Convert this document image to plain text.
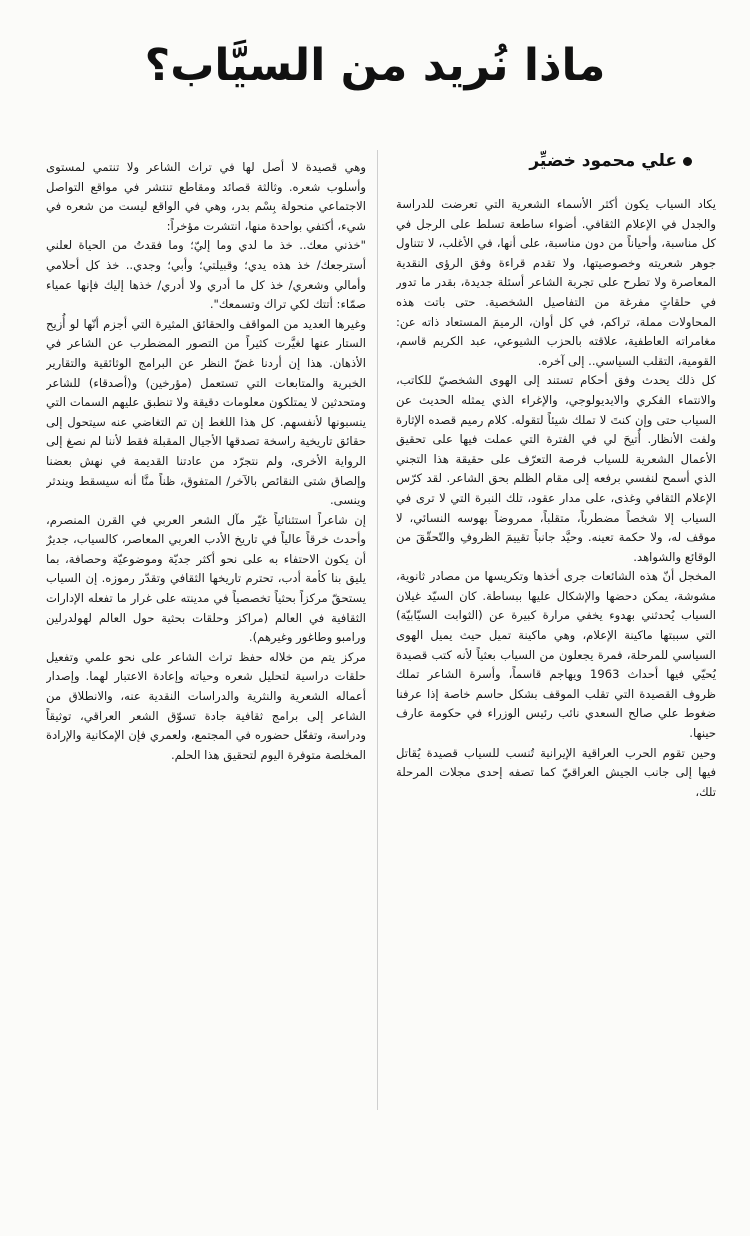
ماذا نُريد من السيَّاب؟
علي محمود خضيِّر

يكاد السياب يكون أكثر الأسماء الشعرية التي تعرضت للدراسة والجدل في الإعلام الثقافي. أضواء ساطعة تسلط على الرجل في كل مناسبة، وأحياناً من دون مناسبة، على أنها، في الأغلب، لا تتناول جوهر شعريته وخصوصيتها، ولا تقدم قراءة وفق الرؤى النقدية المعاصرة ولا تطرح على تجربة الشاعر أسئلة جديدة، بقدر ما تدور في حلقاتٍ مفرغة من التفاصيل الشخصية. حتى باتت هذه المحاولات مملة، تراكم، في كل أوان، الرميمَ المستعاد ذاته عن: مغامراته العاطفية، علاقته بالحزب الشيوعي، عبد الكريم قاسم، القومية، التقلب السياسي.. إلى آخره.

كل ذلك يحدث وفق أحكام تستند إلى الهوى الشخصيّ للكاتب، والانتماء الفكري والايديولوجي، والإغراء الذي يمثله الحديث عن السياب حتى وإن كنتَ لا تملك شيئاً لتقوله. كلام رميم قصده الإثارة ولفت الأنظار. أُتيحَ لي في الفترة التي عملت فيها على تحقيق الأعمال الشعرية للسياب فرصة التعرّف على حقيقة هذا التجني الذي أسمح لنفسي برفعه إلى مقام الظلم بحق الشاعر. لقد كرّس الإعلام الثقافي وغذى، على مدار عقود، تلك النبرة التي لا ترى في السياب إلا شخصاً مضطرباً، متقلباً، ممروضاً بهوسه النسائي، لا موقف له، ولا حكمة تعينه. وحيَّد جانباً تقييمَ الظروفِ والتّحقّقَ من الوقائع والشواهد.

المخجل أنّ هذه الشائعات جرى أخذها وتكريسها من مصادر ثانوية، مشوشة، يمكن دحضها والإشكال عليها ببساطة. كان السيّد غيلان السياب يُحدثني بهدوء يخفي مرارة كبيرة عن (الثوابت السيّابيّة) التي سببتها ماكينة الإعلام، وهي ماكينة تميل حيث يميل الهوى السياسي للمرحلة، فمرة يجعلون من السياب بعثياً لأنه كتب قصيدة يُحيّي فيها أحداث 1963 ويهاجم قاسماً، وأسرة الشاعر تملك ظروف القصيدة التي تقلب الموقف بشكل حاسم خاصة إذا عرفنا ضغوط علي صالح السعدي نائب رئيس الوزراء في حكومة عارف حينها.

وحين تقوم الحرب العراقية الإيرانية تُنسب للسياب قصيدة يُقاتل فيها إلى جانب الجيش العراقيّ كما تصفه إحدى مجلات المرحلة تلك،

وهي قصيدة لا أصل لها في تراث الشاعر ولا تنتمي لمستوى وأسلوب شعره. وثالثة قصائد ومقاطع تنتشر في مواقع التواصل الاجتماعي منحولة بِسْم بدر، وهي في الواقع ليست من شعره في شيء، أكتفي بواحدة منها، انتشرت مؤخراً:

"خذني معك.. خذ ما لدي وما إليّ؛ وما فقدتُ من الحياة لعلني أسترجعك/ خذ هذه يدي؛ وقبيلتي؛ وأبي؛ وجدي.. خذ كل أحلامي وأمالي وشعري/ خذ كل ما أدري ولا أدري/ خذها إليك فإنها عمياء صمّاء: أتتك لكي تراك وتسمعك".

وغيرها العديد من المواقف والحقائق المثيرة التي أجزم أنّها لو أُزيح الستار عنها لغيَّرت كثيراً من التصور المضطرب عن الشاعر في الأذهان. هذا إن أردنا غضّ النظر عن البرامج الوثائقية والتقارير الخبرية والمتابعات التي تستعمل (مؤرخين) و(أصدقاء) للشاعر ومتحدثين لا يمتلكون معلومات دقيقة ولا تنطبق عليهم السمات التي ينسبونها لأنفسهم. كل هذا اللغط إن تم التغاضي عنه سيتحول إلى حقائق تاريخية راسخة تصدقها الأجيال المقبلة فقط لأننا لم نصغ إلى الرواية الأخرى، ولم نتجرّد من عادتنا القديمة في نهش بعضنا وإلصاق شتى النقائص بالآخر/ المتفوق، ظناً منَّا أنه سيسقط ويندثر وينسى.

إن شاعراً استثنائياً غيّر مآل الشعر العربي في القرن المنصرم، وأحدث خرقاً عالياً في تاريخ الأدب العربي المعاصر، كالسياب، جديرٌ أن يكون الاحتفاء به على نحو أكثر جديّة وموضوعيّة وحصافة، بما يليق بنا كأمة أدب، تحترم تاريخها الثقافي وتقدّر رموزه. إن السياب يستحقّ مركزاً بحثياً تخصصياً في مدينته على غرار ما تفعله الإدارات الثقافية في العالم (مراكز وحلقات بحثية حول العالم لهولدرلين ورامبو وطاغور وغيرهم).

مركز يتم من خلاله حفظ تراث الشاعر على نحو علمي وتفعيل حلقات دراسية لتحليل شعره وحياته وإعادة الاعتبار لهما. وإصدار أعماله الشعرية والنثرية والدراسات النقدية عنه، والانطلاق من الشاعر إلى برامج ثقافية جادة تسوّق الشعر العراقي، توثيقاً ودراسة، وتفعّل حضوره في المجتمع، ولعمري فإن الإمكانية والإرادة المخلصة متوفرة اليوم لتحقيق هذا الحلم.
